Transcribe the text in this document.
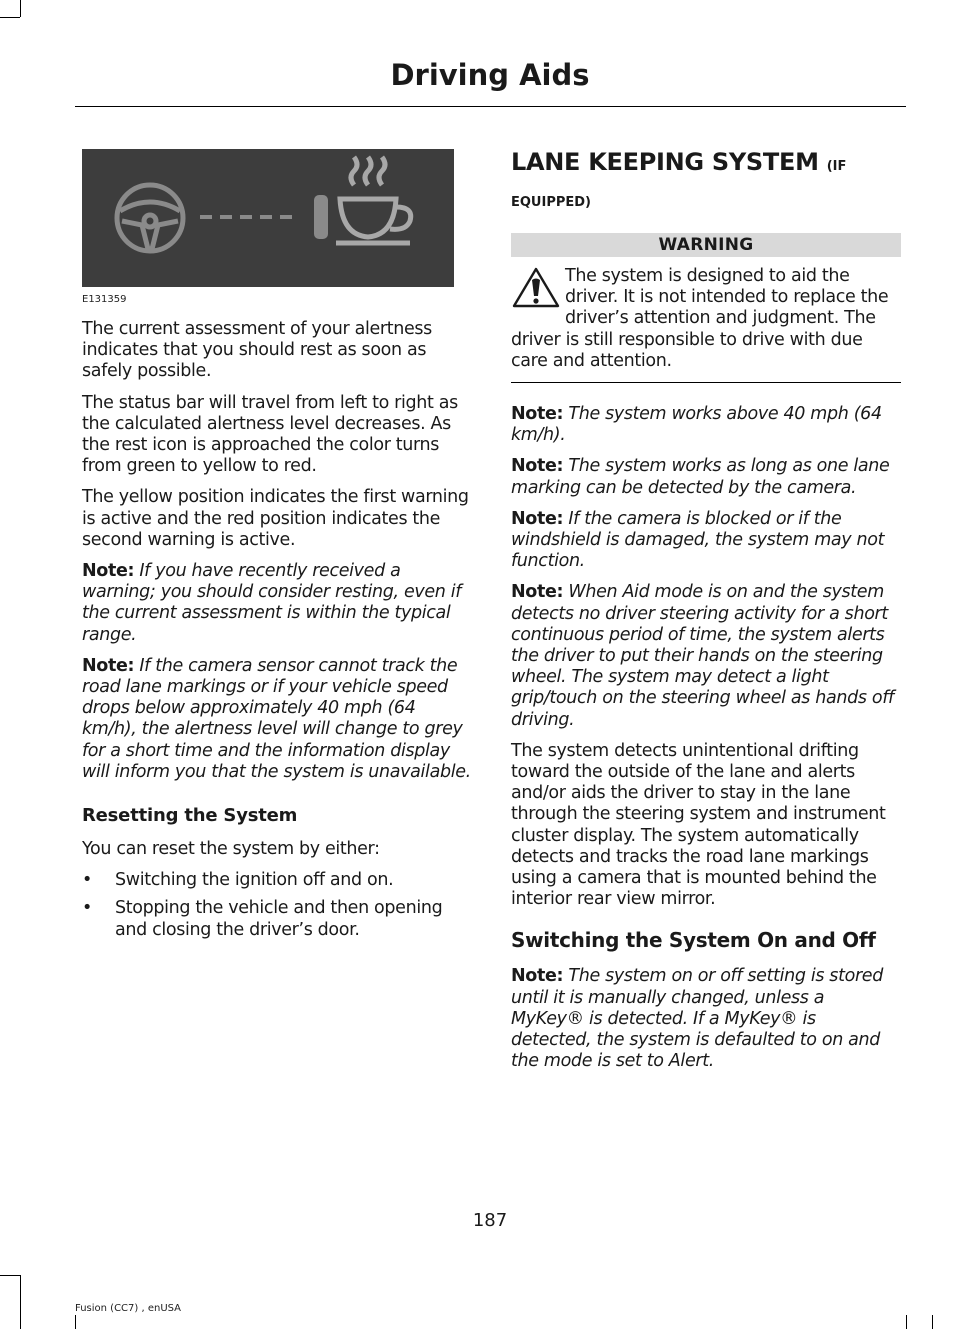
Driving Aids
E131359

The current assessment of your alertness indicates that you should rest as soon as safely possible.

The status bar will travel from left to right as the calculated alertness level decreases. As the rest icon is approached the color turns from green to yellow to red.

The yellow position indicates the first warning is active and the red position indicates the second warning is active.

Note: If you have recently received a warning; you should consider resting, even if the current assessment is within the typical range.

Note: If the camera sensor cannot track the road lane markings or if your vehicle speed drops below approximately 40 mph (64 km/h), the alertness level will change to grey for a short time and the information display will inform you that the system is unavailable.

Resetting the System

You can reset the system by either:

• Switching the ignition off and on.
• Stopping the vehicle and then opening and closing the driver’s door.
LANE KEEPING SYSTEM (IF
EQUIPPED)
WARNING

The system is designed to aid the driver. It is not intended to replace the driver’s attention and judgment. The driver is still responsible to drive with due care and attention.

Note: The system works above 40 mph (64 km/h).

Note: The system works as long as one lane marking can be detected by the camera.

Note: If the camera is blocked or if the windshield is damaged, the system may not function.

Note: When Aid mode is on and the system detects no driver steering activity for a short continuous period of time, the system alerts the driver to put their hands on the steering wheel. The system may detect a light grip/touch on the steering wheel as hands off driving.

The system detects unintentional drifting toward the outside of the lane and alerts and/or aids the driver to stay in the lane through the steering system and instrument cluster display. The system automatically detects and tracks the road lane markings using a camera that is mounted behind the interior rear view mirror.

Switching the System On and Off

Note: The system on or off setting is stored until it is manually changed, unless a MyKey® is detected. If a MyKey® is detected, the system is defaulted to on and the mode is set to Alert.

187
Fusion (CC7) , enUSA
